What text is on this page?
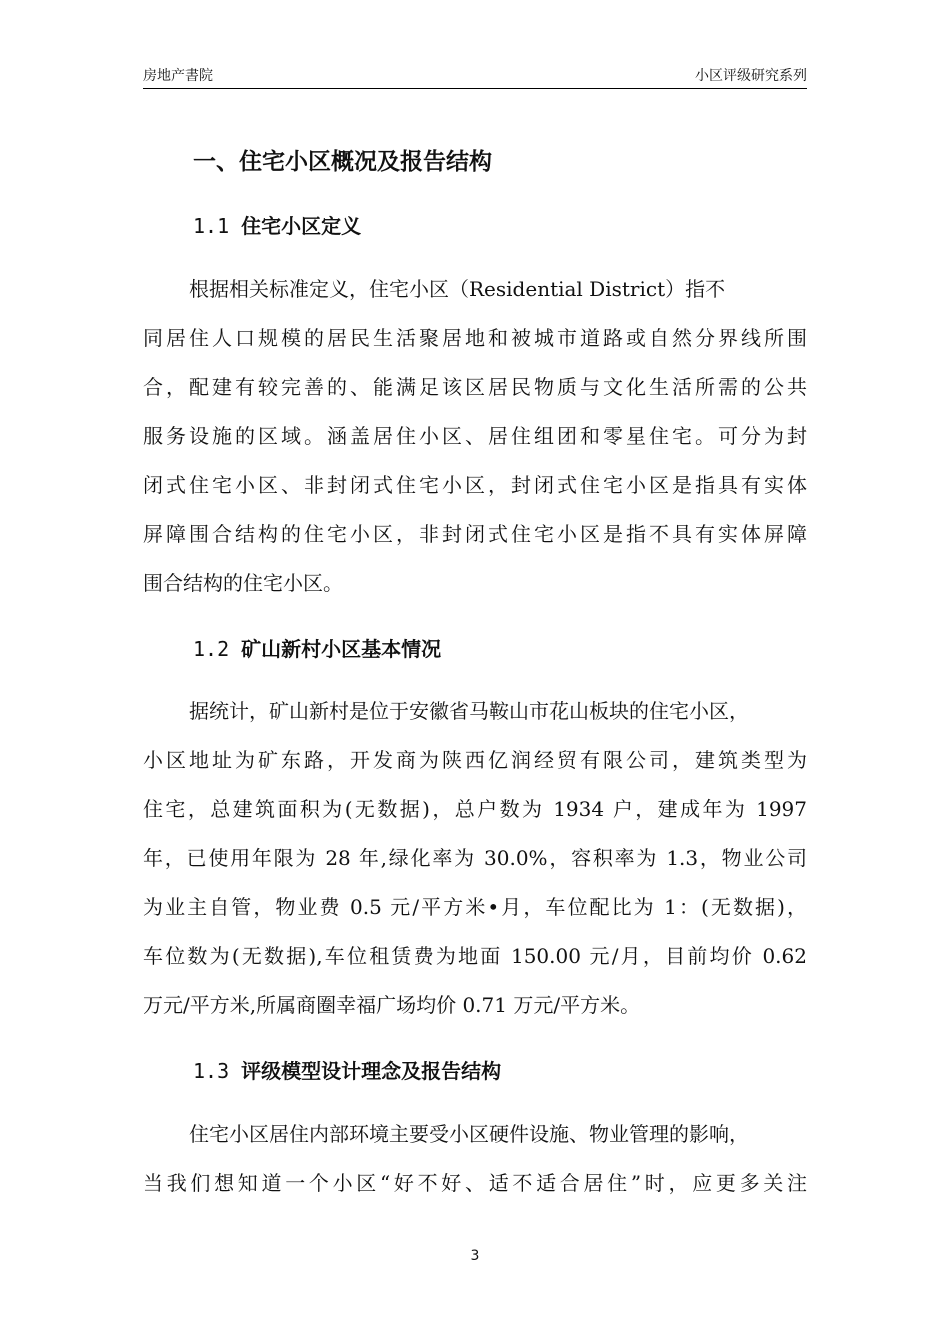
房地产書院	小区评级研究系列
一、住宅小区概况及报告结构
1.1 住宅小区定义
根据相关标准定义，住宅小区（Residential District）指不
同居住人口规模的居民生活聚居地和被城市道路或自然分界线所围
合，配建有较完善的、能满足该区居民物质与文化生活所需的公共
服务设施的区域。涵盖居住小区、居住组团和零星住宅。可分为封
闭式住宅小区、非封闭式住宅小区，封闭式住宅小区是指具有实体
屏障围合结构的住宅小区，非封闭式住宅小区是指不具有实体屏障
围合结构的住宅小区。
1.2 矿山新村小区基本情况
据统计，矿山新村是位于安徽省马鞍山市花山板块的住宅小区，
小区地址为矿东路，开发商为陕西亿润经贸有限公司，建筑类型为
住宅，总建筑面积为(无数据)，总户数为 1934 户，建成年为 1997
年，已使用年限为 28 年,绿化率为 30.0%，容积率为 1.3，物业公司
为业主自管，物业费 0.5 元/平方米•月，车位配比为 1：(无数据)，
车位数为(无数据),车位租赁费为地面 150.00 元/月，目前均价 0.62
万元/平方米,所属商圈幸福广场均价 0.71 万元/平方米。
1.3 评级模型设计理念及报告结构
住宅小区居住内部环境主要受小区硬件设施、物业管理的影响，
当我们想知道一个小区“好不好、适不适合居住”时，应更多关注
3
